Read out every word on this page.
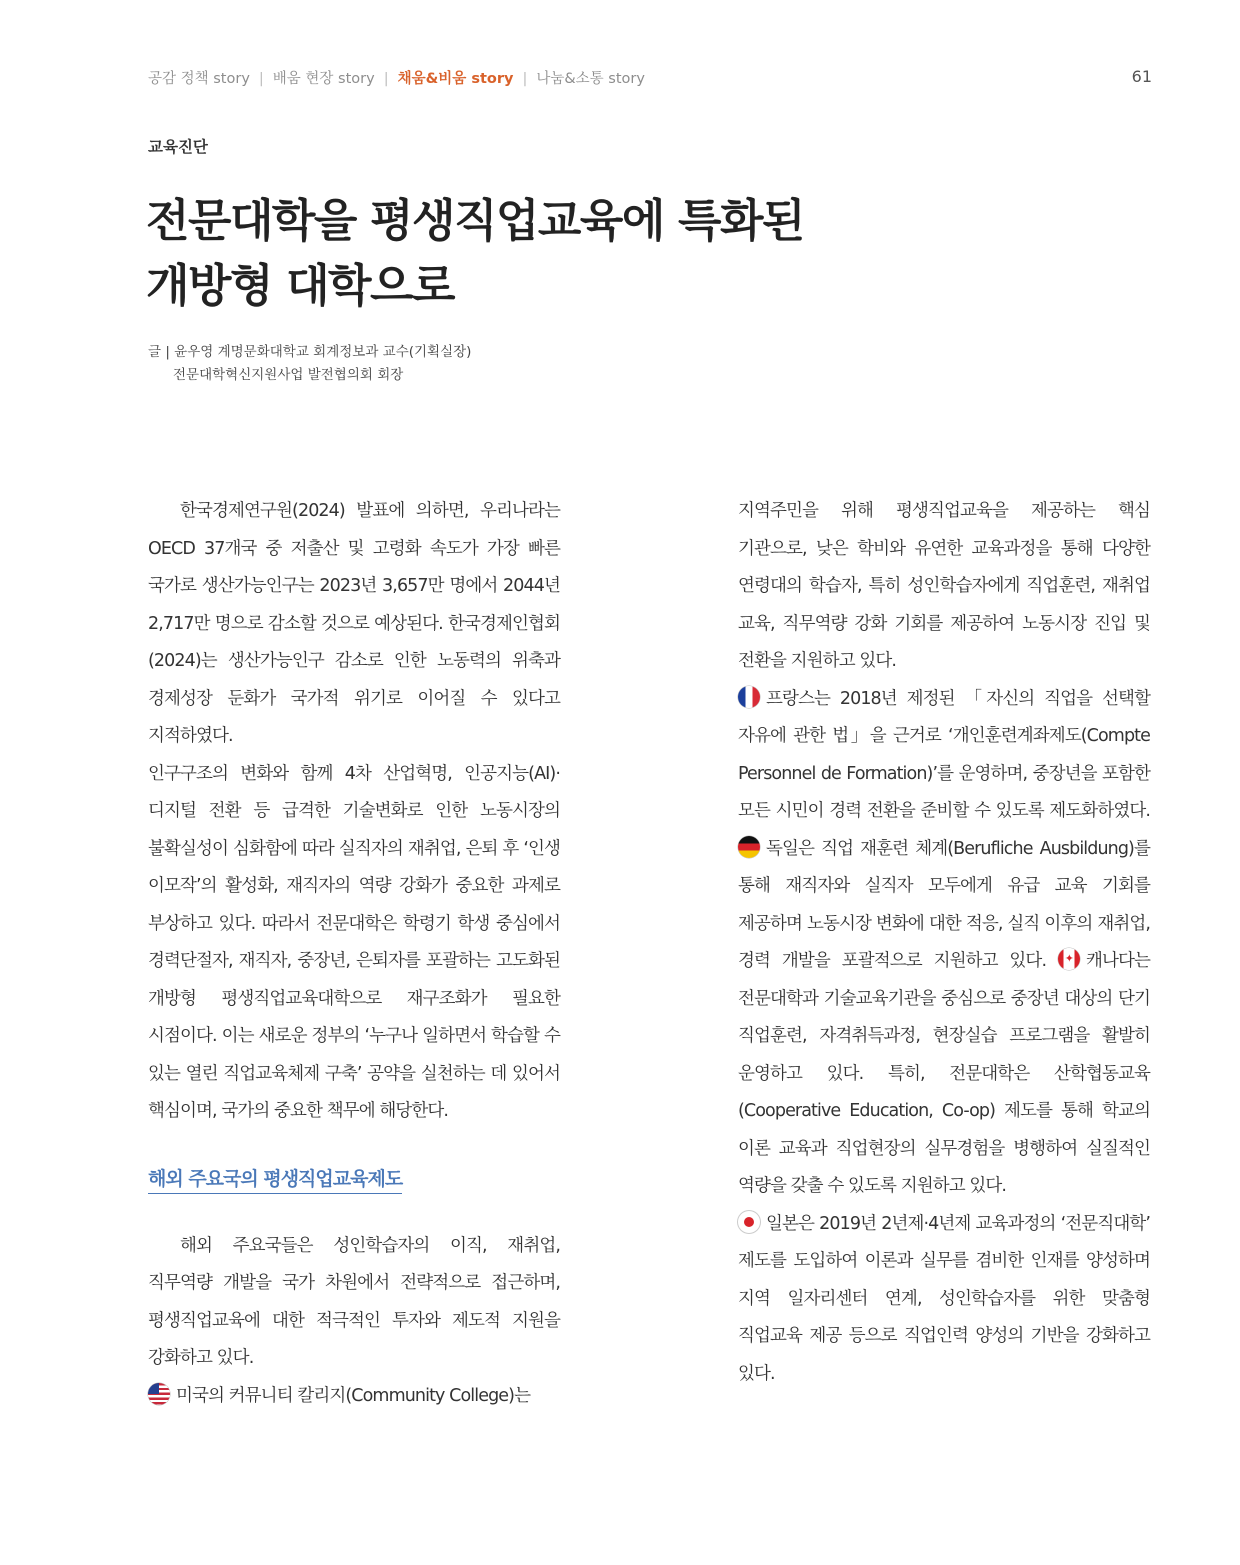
공감 정책 story | 배움 현장 story | 채움&비움 story | 나눔&소통 story	61
교육진단
전문대학을 평생직업교육에 특화된
개방형 대학으로
글 | 윤우영 계명문화대학교 회계정보과 교수(기획실장)
전문대학혁신지원사업 발전협의회 회장

한국경제연구원(2024) 발표에 의하면, 우리나라는 OECD 37개국 중 저출산 및 고령화 속도가 가장 빠른 국가로 생산가능인구는 2023년 3,657만 명에서 2044년 2,717만 명으로 감소할 것으로 예상된다. 한국경제인협회(2024)는 생산가능인구 감소로 인한 노동력의 위축과 경제성장 둔화가 국가적 위기로 이어질 수 있다고 지적하였다.

인구구조의 변화와 함께 4차 산업혁명, 인공지능(AI)·디지털 전환 등 급격한 기술변화로 인한 노동시장의 불확실성이 심화함에 따라 실직자의 재취업, 은퇴 후 ‘인생 이모작’의 활성화, 재직자의 역량 강화가 중요한 과제로 부상하고 있다. 따라서 전문대학은 학령기 학생 중심에서 경력단절자, 재직자, 중장년, 은퇴자를 포괄하는 고도화된 개방형 평생직업교육대학으로 재구조화가 필요한 시점이다. 이는 새로운 정부의 ‘누구나 일하면서 학습할 수 있는 열린 직업교육체제 구축’ 공약을 실천하는 데 있어서 핵심이며, 국가의 중요한 책무에 해당한다.

해외 주요국의 평생직업교육제도

해외 주요국들은 성인학습자의 이직, 재취업, 직무역량 개발을 국가 차원에서 전략적으로 접근하며, 평생직업교육에 대한 적극적인 투자와 제도적 지원을 강화하고 있다.

미국의 커뮤니티 칼리지(Community College)는

지역주민을 위해 평생직업교육을 제공하는 핵심 기관으로, 낮은 학비와 유연한 교육과정을 통해 다양한 연령대의 학습자, 특히 성인학습자에게 직업훈련, 재취업 교육, 직무역량 강화 기회를 제공하여 노동시장 진입 및 전환을 지원하고 있다.

프랑스는 2018년 제정된 「자신의 직업을 선택할 자유에 관한 법」을 근거로 ‘개인훈련계좌제도(Compte Personnel de Formation)’를 운영하며, 중장년을 포함한 모든 시민이 경력 전환을 준비할 수 있도록 제도화하였다. 독일은 직업 재훈련 체계(Berufliche Ausbildung)를 통해 재직자와 실직자 모두에게 유급 교육 기회를 제공하며 노동시장 변화에 대한 적응, 실직 이후의 재취업, 경력 개발을 포괄적으로 지원하고 있다. ✦ 캐나다는 전문대학과 기술교육기관을 중심으로 중장년 대상의 단기 직업훈련, 자격취득과정, 현장실습 프로그램을 활발히 운영하고 있다. 특히, 전문대학은 산학협동교육(Cooperative Education, Co-op) 제도를 통해 학교의 이론 교육과 직업현장의 실무경험을 병행하여 실질적인 역량을 갖출 수 있도록 지원하고 있다.

일본은 2019년 2년제·4년제 교육과정의 ‘전문직대학’ 제도를 도입하여 이론과 실무를 겸비한 인재를 양성하며 지역 일자리센터 연계, 성인학습자를 위한 맞춤형 직업교육 제공 등으로 직업인력 양성의 기반을 강화하고 있다.
